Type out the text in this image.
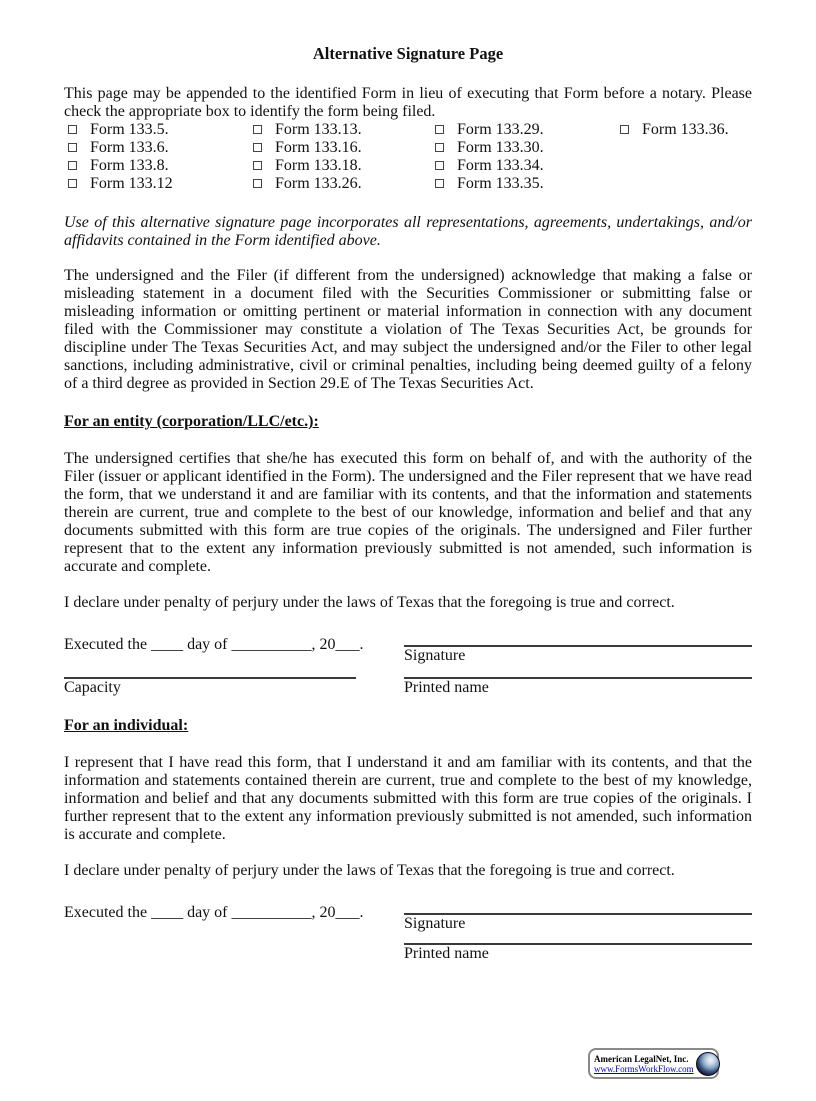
Alternative Signature Page

This page may be appended to the identified Form in lieu of executing that Form before a notary. Please check the appropriate box to identify the form being filed.

Form 133.5.	Form 133.13.	Form 133.29.	Form 133.36.
Form 133.6.	Form 133.16.	Form 133.30.
Form 133.8.	Form 133.18.	Form 133.34.
Form 133.12	Form 133.26.	Form 133.35.

Use of this alternative signature page incorporates all representations, agreements, undertakings, and/or affidavits contained in the Form identified above.

The undersigned and the Filer (if different from the undersigned) acknowledge that making a false or misleading statement in a document filed with the Securities Commissioner or submitting false or misleading information or omitting pertinent or material information in connection with any document filed with the Commissioner may constitute a violation of The Texas Securities Act, be grounds for discipline under The Texas Securities Act, and may subject the undersigned and/or the Filer to other legal sanctions, including administrative, civil or criminal penalties, including being deemed guilty of a felony of a third degree as provided in Section 29.E of The Texas Securities Act.

For an entity (corporation/LLC/etc.):

The undersigned certifies that she/he has executed this form on behalf of, and with the authority of the Filer (issuer or applicant identified in the Form). The undersigned and the Filer represent that we have read the form, that we understand it and are familiar with its contents, and that the information and statements therein are current, true and complete to the best of our knowledge, information and belief and that any documents submitted with this form are true copies of the originals. The undersigned and Filer further represent that to the extent any information previously submitted is not amended, such information is accurate and complete.

I declare under penalty of perjury under the laws of Texas that the foregoing is true and correct.

Executed the ____ day of __________, 20___.
Signature
Capacity	Printed name
For an individual:

I represent that I have read this form, that I understand it and am familiar with its contents, and that the information and statements contained therein are current, true and complete to the best of my knowledge, information and belief and that any documents submitted with this form are true copies of the originals. I further represent that to the extent any information previously submitted is not amended, such information is accurate and complete.

I declare under penalty of perjury under the laws of Texas that the foregoing is true and correct.

Executed the ____ day of __________, 20___.
Signature
Printed name
American LegalNet, Inc.
www.FormsWorkFlow.com
